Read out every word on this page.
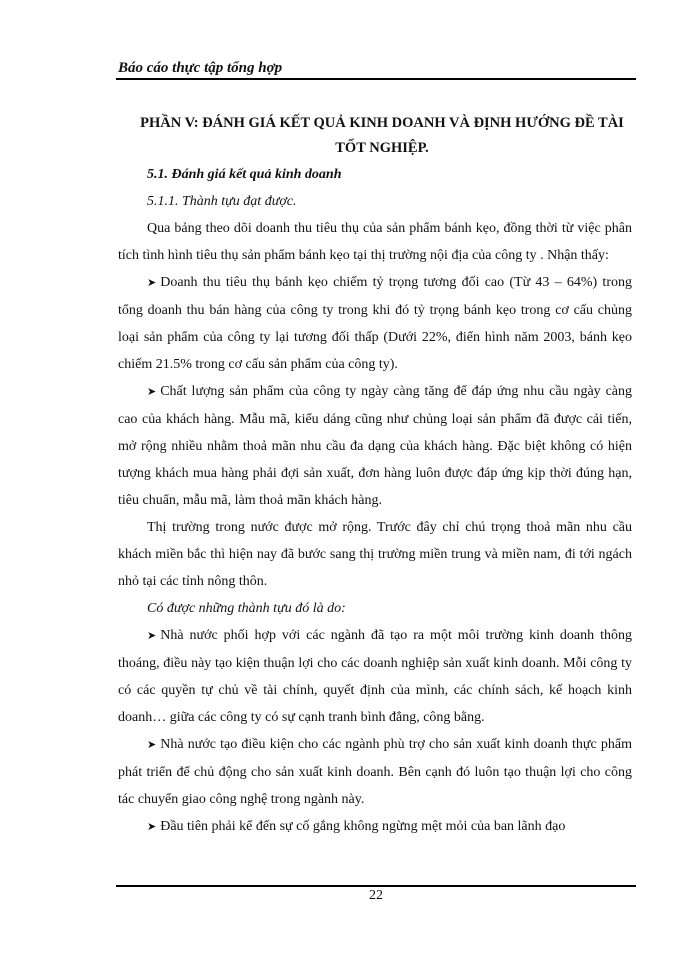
Báo cáo thực tập tổng hợp

PHẦN V: ĐÁNH GIÁ KẾT QUẢ KINH DOANH VÀ ĐỊNH HƯỚNG ĐỀ TÀI TỐT NGHIỆP.

5.1. Đánh giá kết quả kinh doanh

5.1.1. Thành tựu đạt được.

Qua bảng theo dõi doanh thu tiêu thụ của sản phẩm bánh kẹo, đồng thời từ việc phân tích tình hình tiêu thụ sản phẩm bánh kẹo tại thị trường nội địa của công ty . Nhận thấy:

➤ Doanh thu tiêu thụ bánh kẹo chiếm tỷ trọng tương đối cao (Từ 43 – 64%) trong tổng doanh thu bán hàng của công ty trong khi đó tỷ trọng bánh kẹo trong cơ cấu chủng loại sản phẩm của công ty lại tương đối thấp (Dưới 22%, điển hình năm 2003, bánh kẹo chiếm 21.5% trong cơ cấu sản phẩm của công ty).

➤ Chất lượng sản phẩm của công ty ngày càng tăng để đáp ứng nhu cầu ngày càng cao của khách hàng. Mẫu mã, kiểu dáng cũng như chủng loại sản phẩm đã được cải tiến, mở rộng nhiều nhằm thoả mãn nhu cầu đa dạng của khách hàng. Đặc biệt không có hiện tượng khách mua hàng phải đợi sản xuất, đơn hàng luôn được đáp ứng kịp thời đúng hạn, tiêu chuẩn, mẫu mã, làm thoả mãn khách hàng.

Thị trường trong nước được mở rộng. Trước đây chỉ chú trọng thoả mãn nhu cầu khách miền bắc thì hiện nay đã bước sang thị trường miền trung và miền nam, đi tới ngách nhỏ tại các tỉnh nông thôn.

Có được những thành tựu đó là do:

➤ Nhà nước phối hợp với các ngành đã tạo ra một môi trường kinh doanh thông thoáng, điều này tạo kiện thuận lợi cho các doanh nghiệp sản xuất kinh doanh. Mỗi công ty có các quyền tự chủ về tài chính, quyết định của mình, các chính sách, kế hoạch kinh doanh… giữa các công ty có sự cạnh tranh bình đẳng, công bằng.

➤ Nhà nước tạo điều kiện cho các ngành phù trợ cho sản xuất kinh doanh thực phẩm phát triển để chủ động cho sản xuất kinh doanh. Bên cạnh đó luôn tạo thuận lợi cho công tác chuyển giao công nghệ trong ngành này.

➤ Đầu tiên phải kể đến sự cố gắng không ngừng mệt mỏi của ban lãnh đạo

22
